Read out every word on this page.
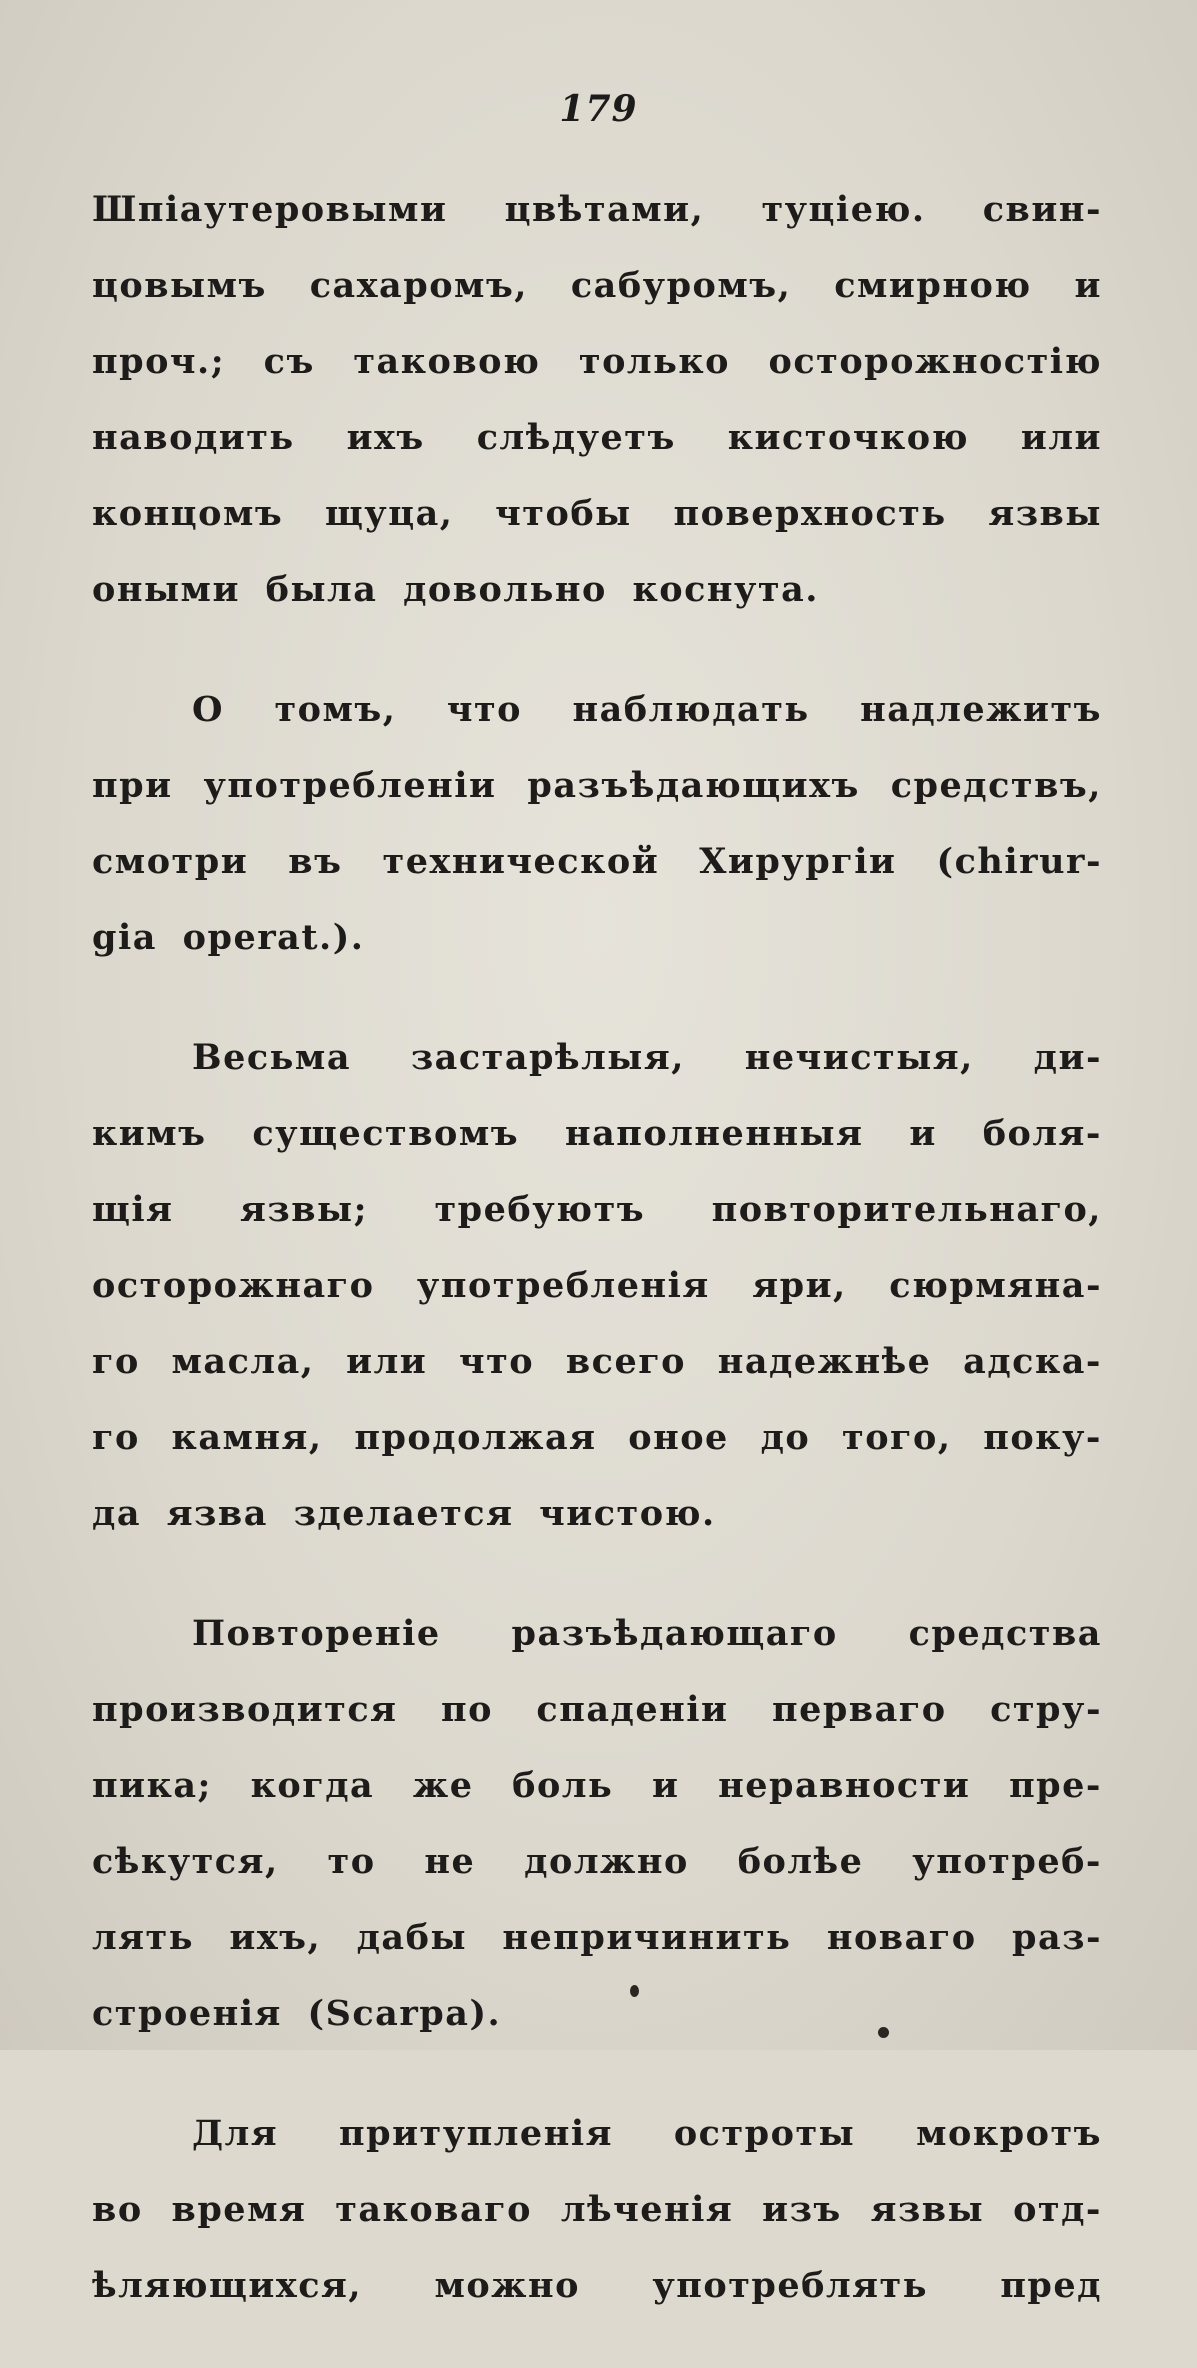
179
Шпіаутеровыми цвѣтами, туціею. свин-
цовымъ сахаромъ, сабуромъ, смирною и
проч.; съ таковою только осторожностію
наводить ихъ слѣдуетъ кисточкою или
концомъ щуца, чтобы поверхность язвы
оными была довольно коснута.
О томъ, что наблюдать надлежитъ
при употребленіи разъѣдающихъ средствъ,
смотри въ технической Хирургіи (chirur-
gia operat.).
Весьма застарѣлыя, нечистыя, ди-
кимъ существомъ наполненныя и боля-
щія язвы; требуютъ повторительнаго,
осторожнаго употребленія яри, сюрмяна-
го масла, или что всего надежнѣе адска-
го камня, продолжая оное до того, поку-
да язва зделается чистою.
Повтореніе разъѣдающаго средства
производится по спаденіи перваго стру-
пика; когда же боль и неравности пре-
сѣкутся, то не должно болѣе употреб-
лять ихъ, дабы непричинить новаго раз-
строенія (Scarpa).
Для притупленія остроты мокротъ
во время таковаго лѣченія изъ язвы отд-
ѣляющихся, можно употреблять пред
